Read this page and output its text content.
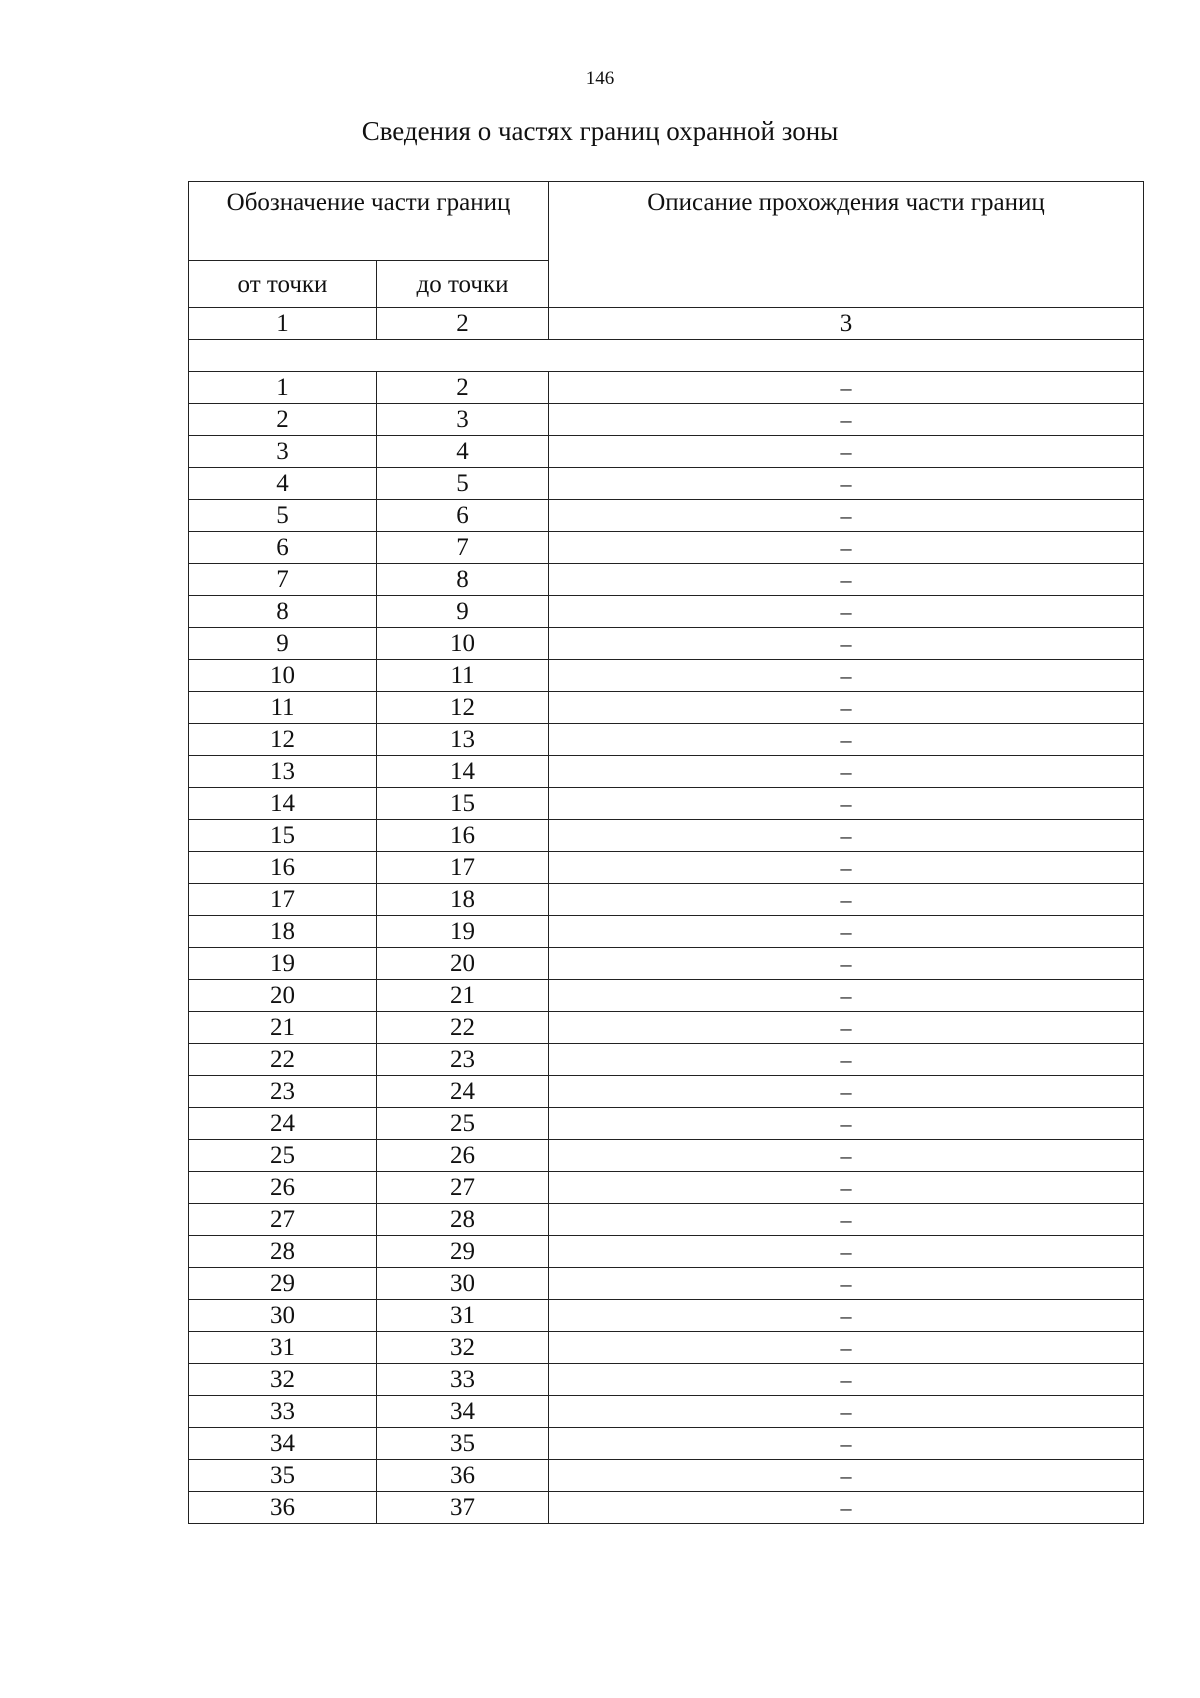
146
Сведения о частях границ охранной зоны
Обозначение части границ		Описание прохождения части границ
от точки	до точки	
1	2	3

1	2	–
2	3	–
3	4	–
4	5	–
5	6	–
6	7	–
7	8	–
8	9	–
9	10	–
10	11	–
11	12	–
12	13	–
13	14	–
14	15	–
15	16	–
16	17	–
17	18	–
18	19	–
19	20	–
20	21	–
21	22	–
22	23	–
23	24	–
24	25	–
25	26	–
26	27	–
27	28	–
28	29	–
29	30	–
30	31	–
31	32	–
32	33	–
33	34	–
34	35	–
35	36	–
36	37	–
